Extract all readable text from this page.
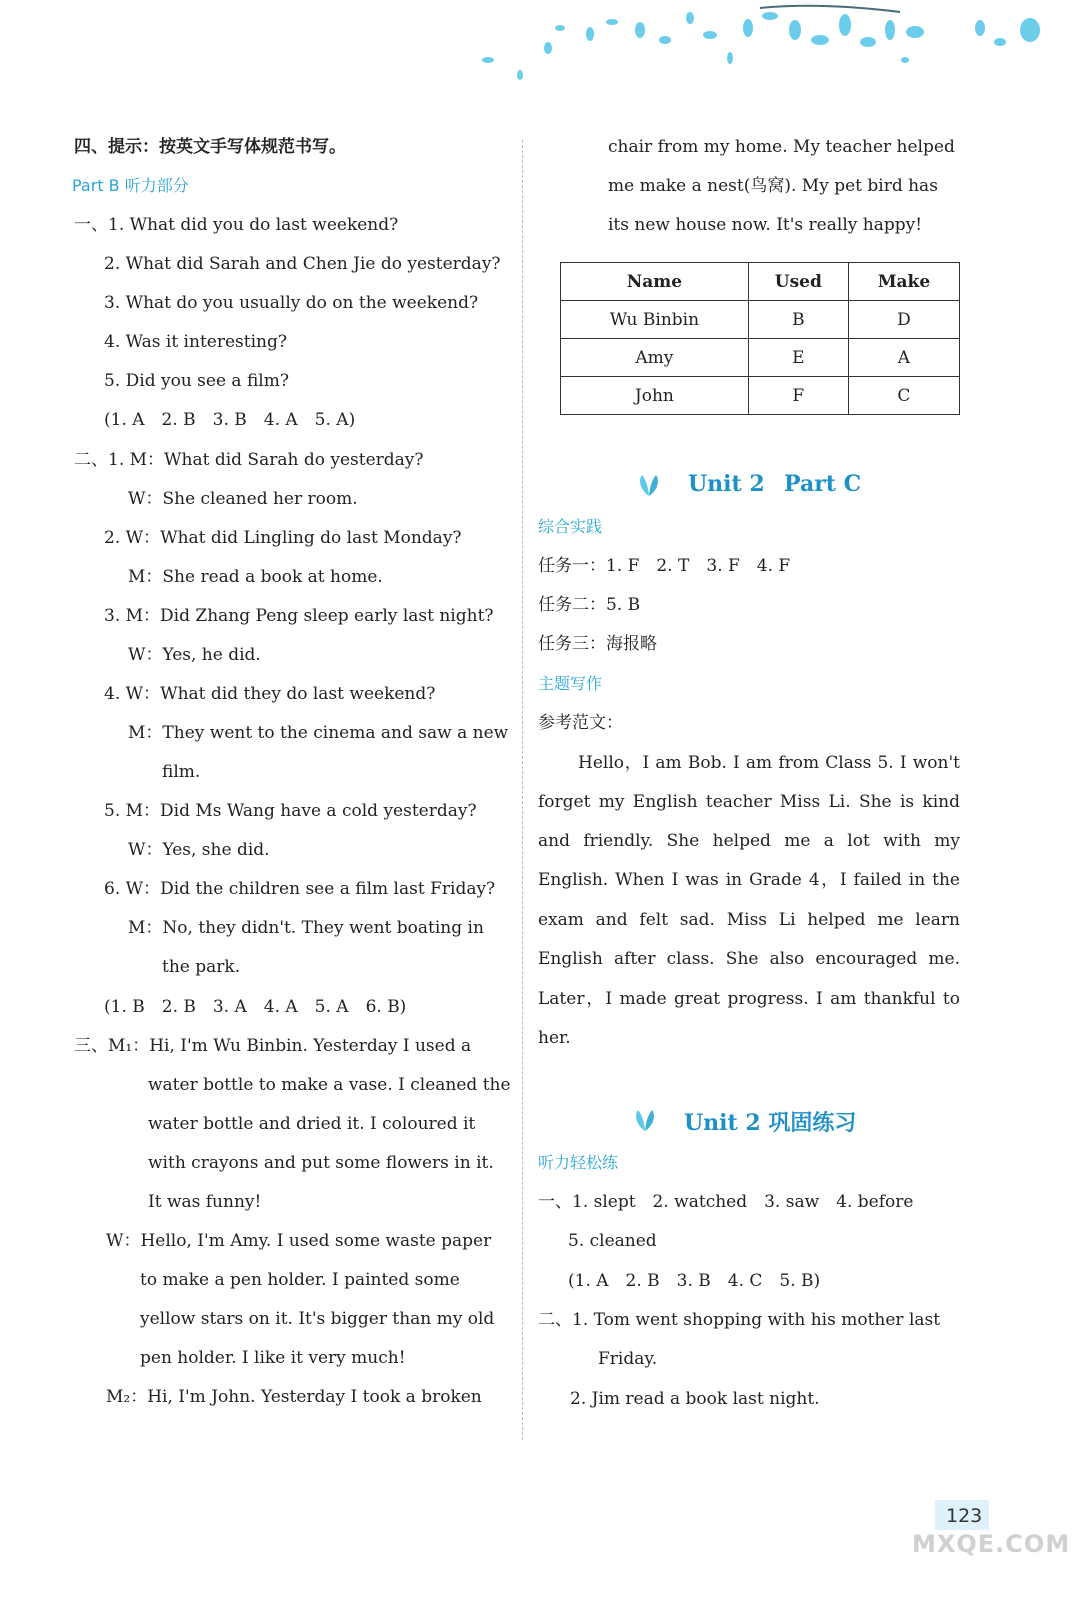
四、提示：按英文手写体规范书写。
Part B 听力部分
一、1. What did you do last weekend?
2. What did Sarah and Chen Jie do yesterday?
3. What do you usually do on the weekend?
4. Was it interesting?
5. Did you see a film?
(1. A　2. B　3. B　4. A　5. A)
二、1. M：What did Sarah do yesterday?
W：She cleaned her room.
2. W：What did Lingling do last Monday?
M：She read a book at home.
3. M：Did Zhang Peng sleep early last night?
W：Yes, he did.
4. W：What did they do last weekend?
M：They went to the cinema and saw a new
film.
5. M：Did Ms Wang have a cold yesterday?
W：Yes, she did.
6. W：Did the children see a film last Friday?
M：No, they didn't. They went boating in
the park.
(1. B　2. B　3. A　4. A　5. A　6. B)
三、M₁：Hi, I'm Wu Binbin. Yesterday I used a
water bottle to make a vase. I cleaned the
water bottle and dried it. I coloured it
with crayons and put some flowers in it.
It was funny!
W：Hello, I'm Amy. I used some waste paper
to make a pen holder. I painted some
yellow stars on it. It's bigger than my old
pen holder. I like it very much!
M₂：Hi, I'm John. Yesterday I took a broken
chair from my home. My teacher helped
me make a nest(鸟窝). My pet bird has
its new house now. It's really happy!
Name	Used	Make
Wu Binbin	B	D
Amy	E	A
John	F	C
Unit 2 Part C
综合实践
任务一：1. F　2. T　3. F　4. F
任务二：5. B
任务三：海报略
主题写作
参考范文：
Hello，I am Bob. I am from Class 5. I won't
forget my English teacher Miss Li. She is kind
and friendly. She helped me a lot with my
English. When I was in Grade 4，I failed in the
exam and felt sad. Miss Li helped me learn
English after class. She also encouraged me.
Later，I made great progress. I am thankful to
her.
Unit 2 巩固练习
听力轻松练
一、1. slept　2. watched　3. saw　4. before
5. cleaned
(1. A　2. B　3. B　4. C　5. B)
二、1. Tom went shopping with his mother last
Friday.
2. Jim read a book last night.
123
MXQE.COM
